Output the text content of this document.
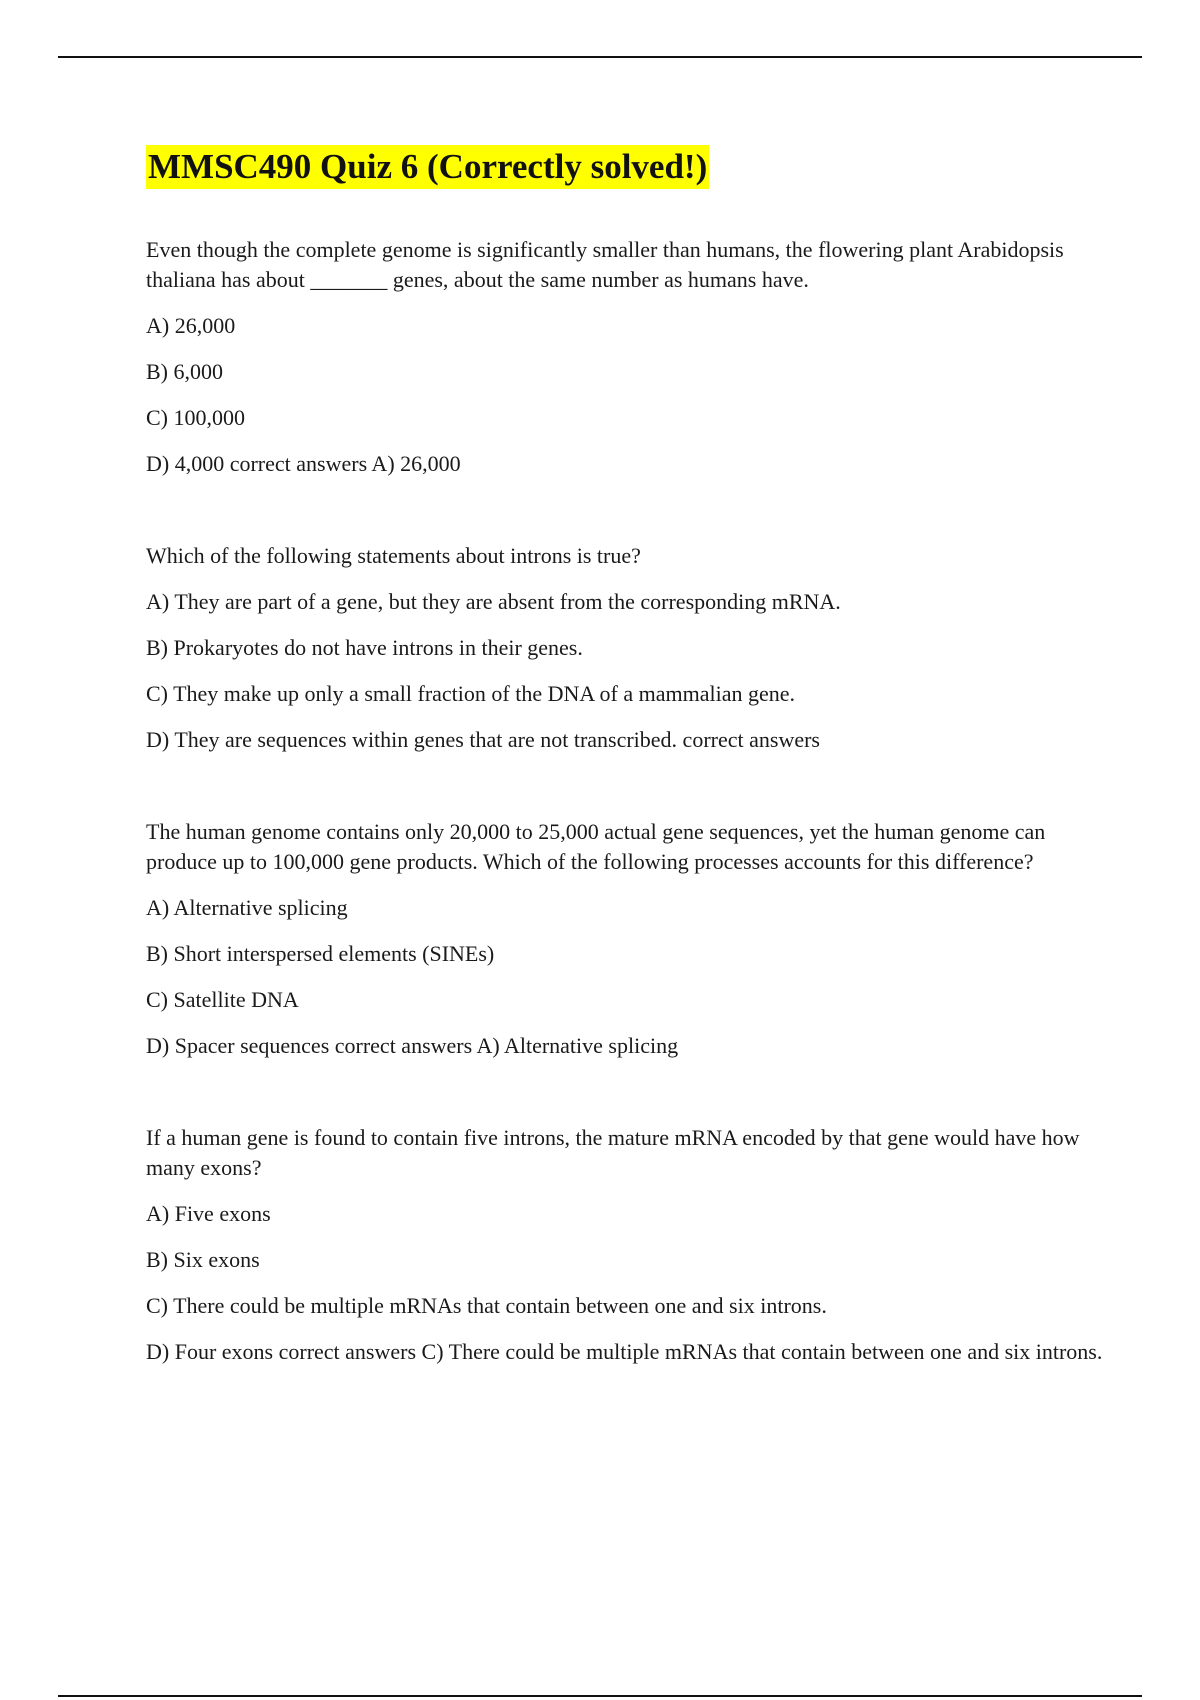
MMSC490 Quiz 6 (Correctly solved!)

Even though the complete genome is significantly smaller than humans, the flowering plant Arabidopsis thaliana has about _______ genes, about the same number as humans have.

A) 26,000

B) 6,000

C) 100,000

D) 4,000 correct answers A) 26,000

Which of the following statements about introns is true?

A) They are part of a gene, but they are absent from the corresponding mRNA.

B) Prokaryotes do not have introns in their genes.

C) They make up only a small fraction of the DNA of a mammalian gene.

D) They are sequences within genes that are not transcribed. correct answers

The human genome contains only 20,000 to 25,000 actual gene sequences, yet the human genome can produce up to 100,000 gene products. Which of the following processes accounts for this difference?

A) Alternative splicing

B) Short interspersed elements (SINEs)

C) Satellite DNA

D) Spacer sequences correct answers A) Alternative splicing

If a human gene is found to contain five introns, the mature mRNA encoded by that gene would have how many exons?

A) Five exons

B) Six exons

C) There could be multiple mRNAs that contain between one and six introns.

D) Four exons correct answers C) There could be multiple mRNAs that contain between one and six introns.
